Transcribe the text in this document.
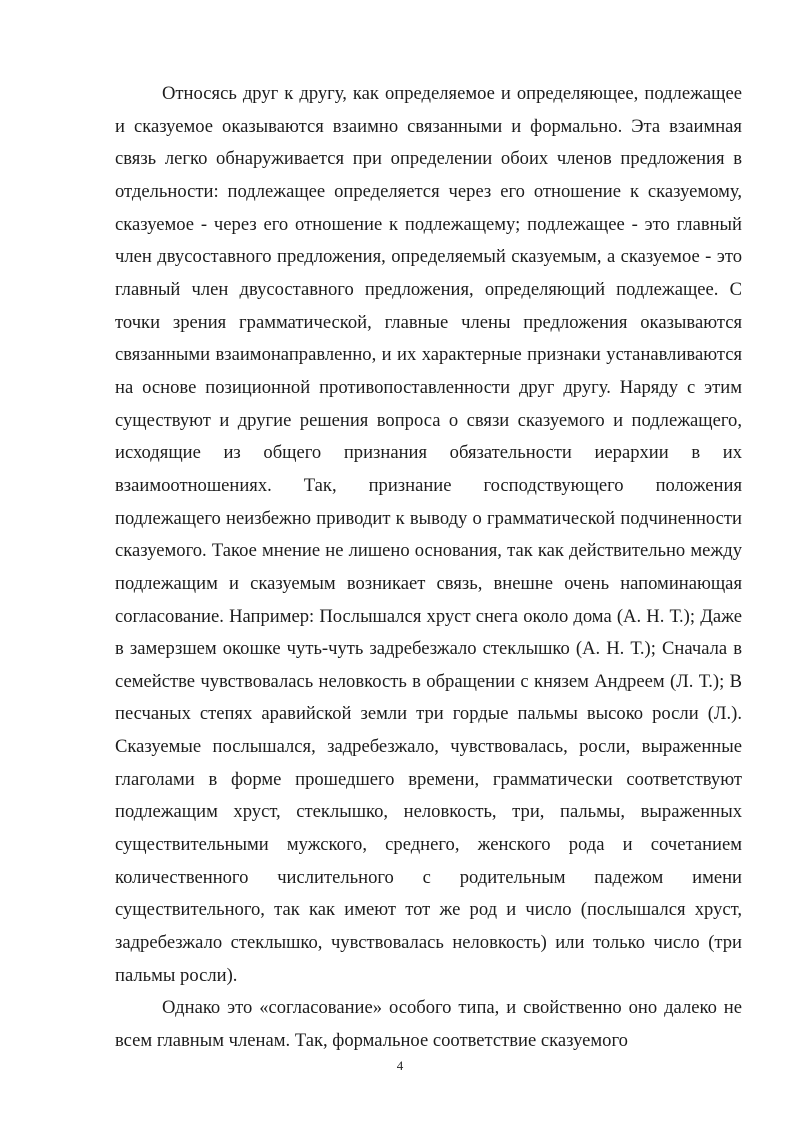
Относясь друг к другу, как определяемое и определяющее, подлежащее и сказуемое оказываются взаимно связанными и формально. Эта взаимная связь легко обнаруживается при определении обоих членов предложения в отдельности: подлежащее определяется через его отношение к сказуемому, сказуемое - через его отношение к подлежащему; подлежащее - это главный член двусоставного предложения, определяемый сказуемым, а сказуемое - это главный член двусоставного предложения, определяющий подлежащее. С точки зрения грамматической, главные члены предложения оказываются связанными взаимонаправленно, и их характерные признаки устанавливаются на основе позиционной противопоставленности друг другу. Наряду с этим существуют и другие решения вопроса о связи сказуемого и подлежащего, исходящие из общего признания обязательности иерархии в их взаимоотношениях. Так, признание господствующего положения подлежащего неизбежно приводит к выводу о грамматической подчиненности сказуемого. Такое мнение не лишено основания, так как действительно между подлежащим и сказуемым возникает связь, внешне очень напоминающая согласование. Например: Послышался хруст снега около дома (А. Н. Т.); Даже в замерзшем окошке чуть-чуть задребезжало стеклышко (А. Н. Т.); Сначала в семействе чувствовалась неловкость в обращении с князем Андреем (Л. Т.); В песчаных степях аравийской земли три гордые пальмы высоко росли (Л.). Сказуемые послышался, задребезжало, чувствовалась, росли, выраженные глаголами в форме прошедшего времени, грамматически соответствуют подлежащим хруст, стеклышко, неловкость, три, пальмы, выраженных существительными мужского, среднего, женского рода и сочетанием количественного числительного с родительным падежом имени существительного, так как имеют тот же род и число (послышался хруст, задребезжало стеклышко, чувствовалась неловкость) или только число (три пальмы росли).

Однако это «согласование» особого типа, и свойственно оно далеко не всем главным членам. Так, формальное соответствие сказуемого

4
